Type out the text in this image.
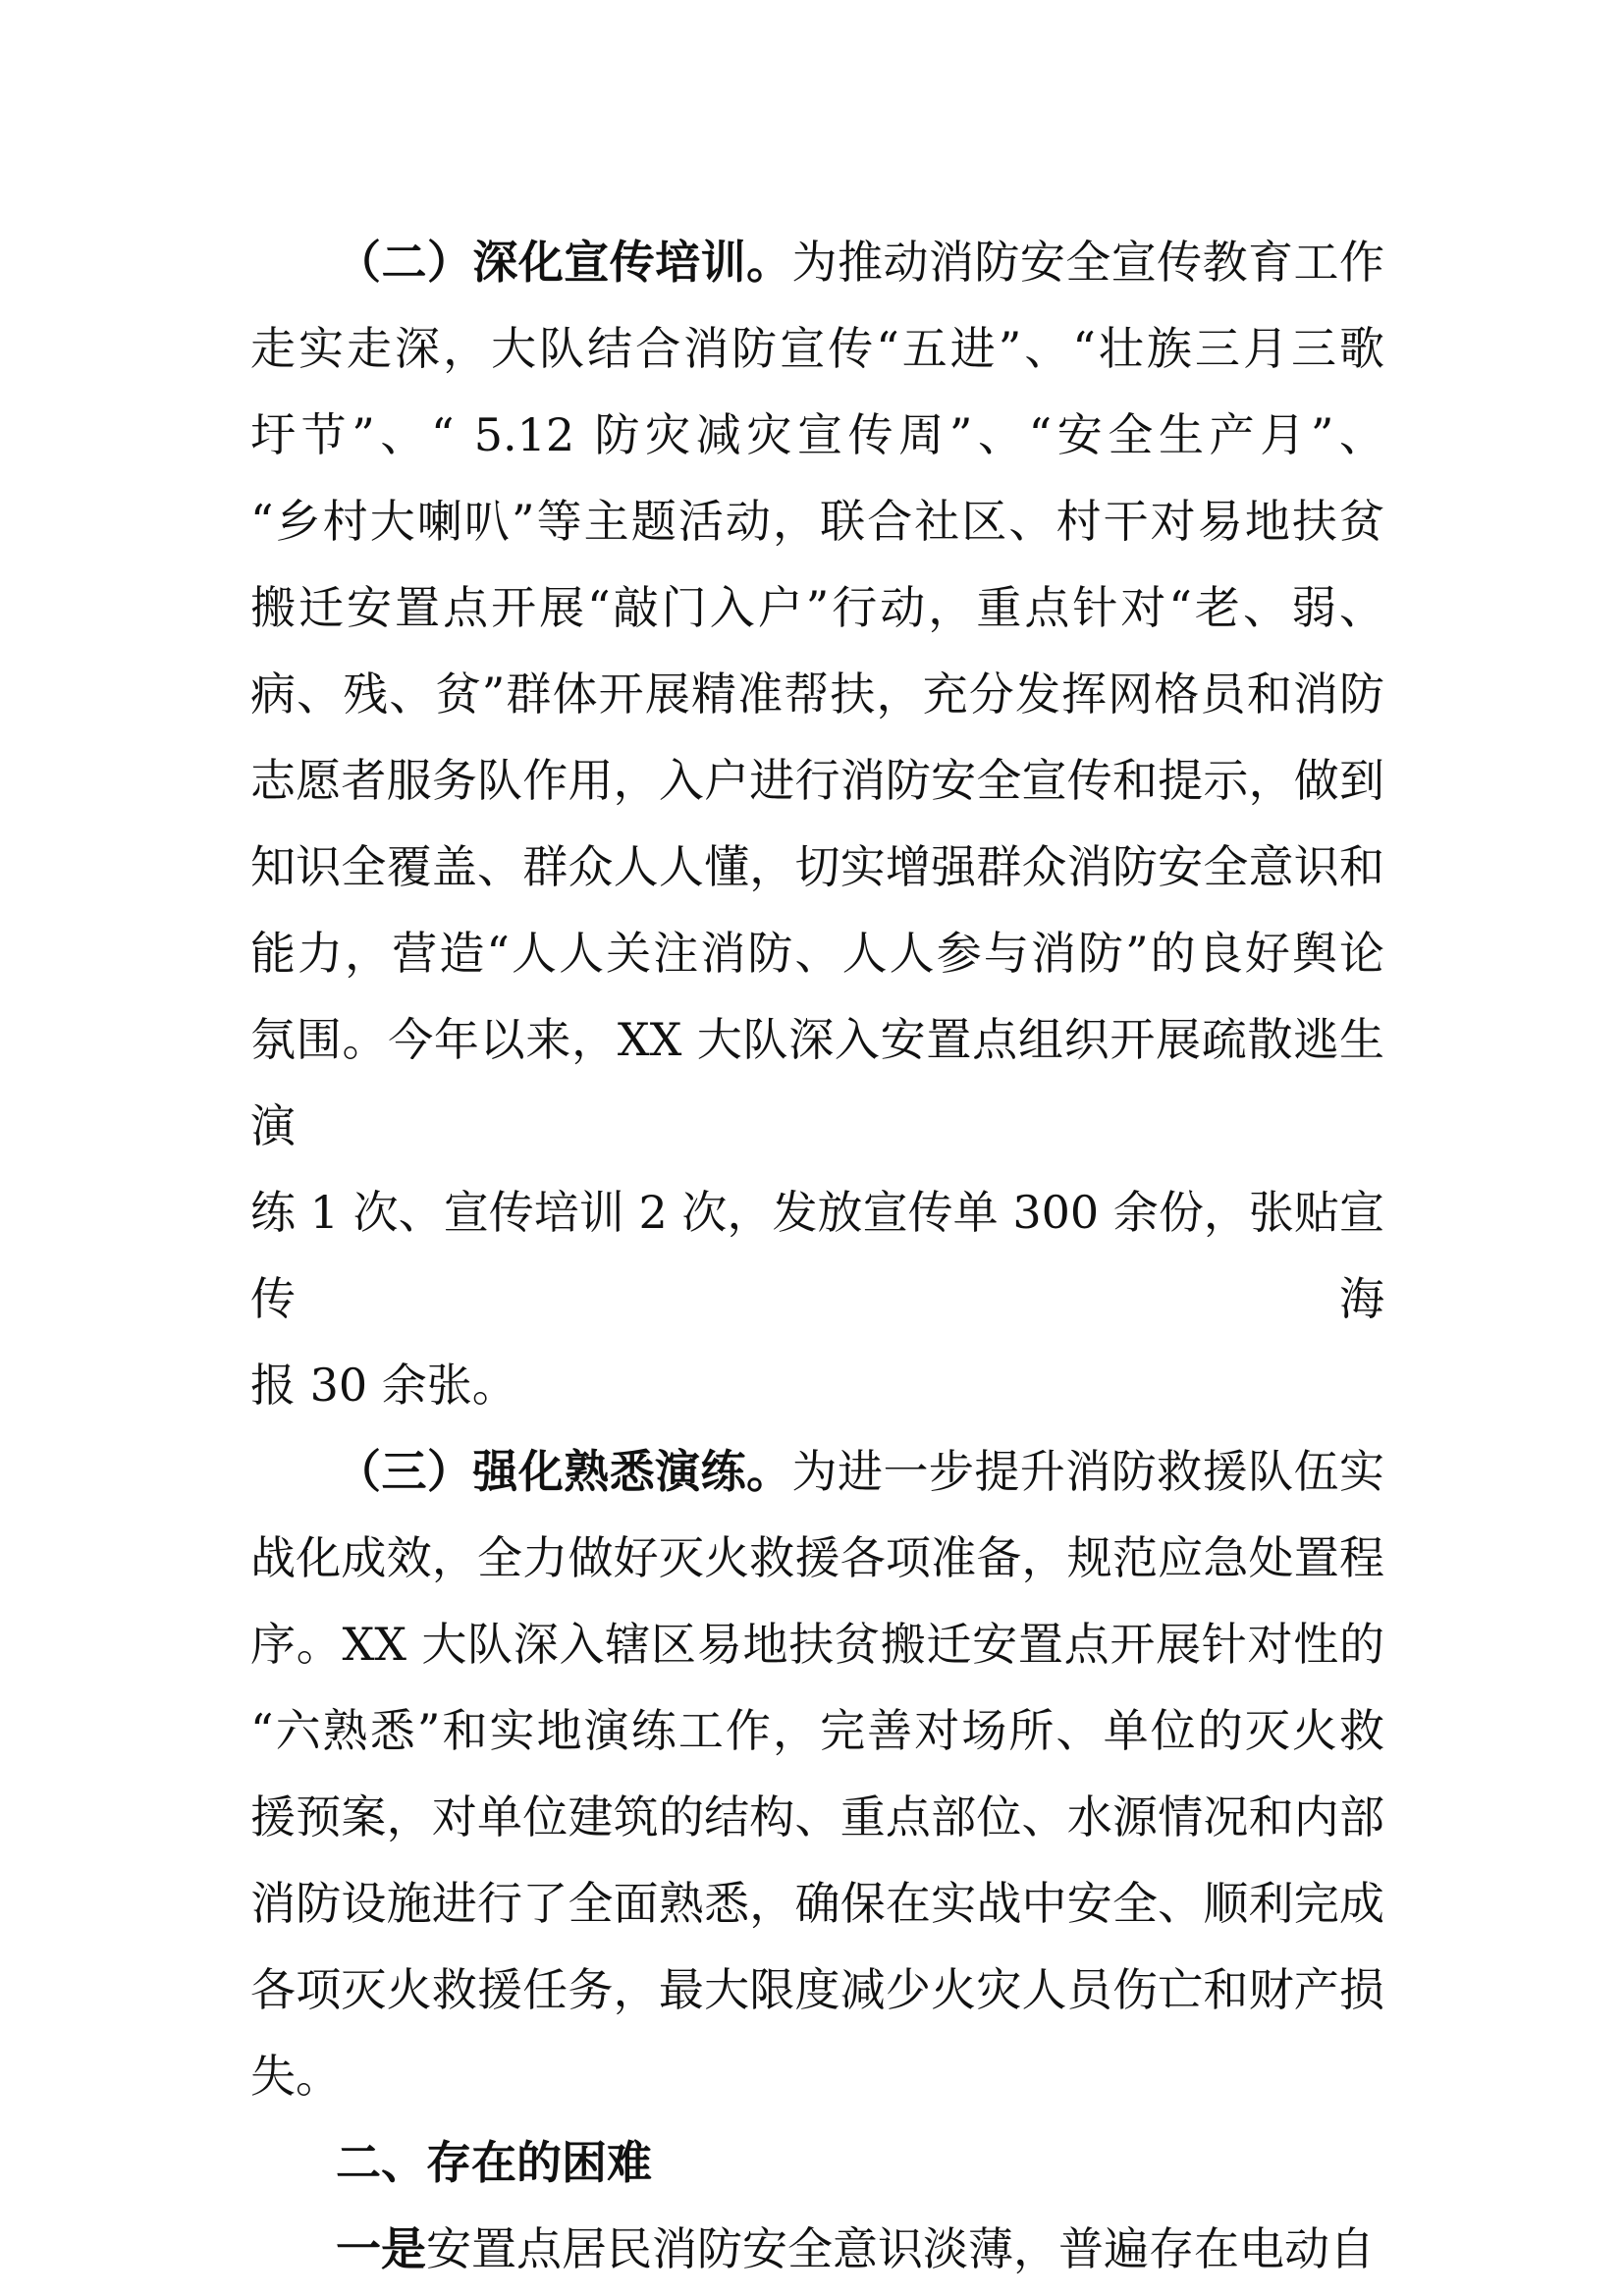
（二）深化宣传培训。为推动消防安全宣传教育工作
走实走深，大队结合消防宣传“五进”、“壮族三月三歌
圩节”、“ 5.12 防灾减灾宣传周”、“安全生产月”、
“乡村大喇叭”等主题活动，联合社区、村干对易地扶贫
搬迁安置点开展“敲门入户”行动，重点针对“老、弱、
病、残、贫”群体开展精准帮扶，充分发挥网格员和消防
志愿者服务队作用，入户进行消防安全宣传和提示，做到
知识全覆盖、群众人人懂，切实增强群众消防安全意识和
能力，营造“人人关注消防、人人参与消防”的良好舆论
氛围。今年以来，XX 大队深入安置点组织开展疏散逃生演
练 1 次、宣传培训 2 次，发放宣传单 300 余份，张贴宣传海
报 30 余张。
（三）强化熟悉演练。为进一步提升消防救援队伍实
战化成效，全力做好灭火救援各项准备，规范应急处置程
序。XX 大队深入辖区易地扶贫搬迁安置点开展针对性的
“六熟悉”和实地演练工作，完善对场所、单位的灭火救
援预案，对单位建筑的结构、重点部位、水源情况和内部
消防设施进行了全面熟悉，确保在实战中安全、顺利完成
各项灭火救援任务，最大限度减少火灾人员伤亡和财产损
失。
二、存在的困难
一是安置点居民消防安全意识淡薄，普遍存在电动自
